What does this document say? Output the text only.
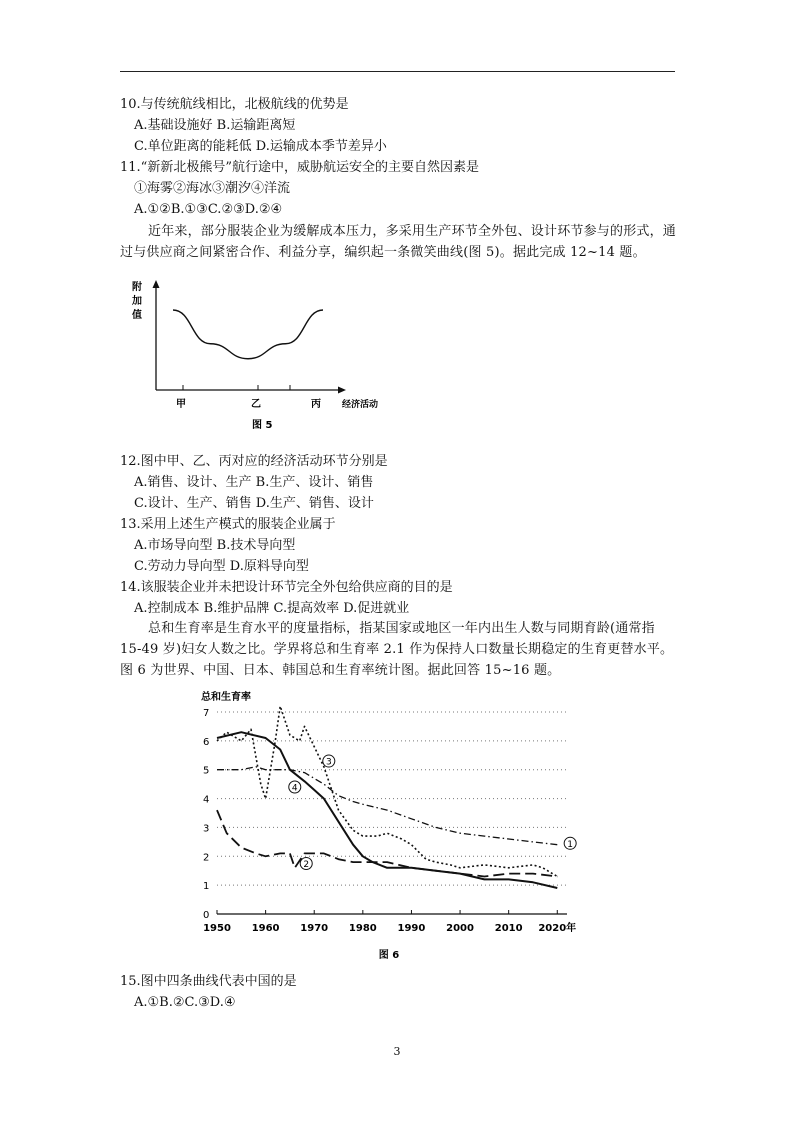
10.与传统航线相比，北极航线的优势是
A.基础设施好 B.运输距离短
C.单位距离的能耗低 D.运输成本季节差异小
11.“新新北极熊号”航行途中，威胁航运安全的主要自然因素是
①海雾②海冰③潮汐④洋流
A.①②B.①③C.②③D.②④
近年来，部分服装企业为缓解成本压力，多采用生产环节全外包、设计环节参与的形式，通过与供应商之间紧密合作、利益分享，编织起一条微笑曲线(图 5)。据此完成 12~14 题。
附
加
值
甲	乙	丙 经济活动
图 5
12.图中甲、乙、丙对应的经济活动环节分别是
A.销售、设计、生产 B.生产、设计、销售
C.设计、生产、销售 D.生产、销售、设计
13.采用上述生产模式的服装企业属于
A.市场导向型 B.技术导向型
C.劳动力导向型 D.原料导向型
14.该服装企业并未把设计环节完全外包给供应商的目的是
A.控制成本 B.维护品牌 C.提高效率 D.促进就业
总和生育率是生育水平的度量指标，指某国家或地区一年内出生人数与同期育龄(通常指 15-49 岁)妇女人数之比。学界将总和生育率 2.1 作为保持人口数量长期稳定的生育更替水平。图 6 为世界、中国、日本、韩国总和生育率统计图。据此回答 15~16 题。
总和生育率
0
1
2
3
4
5
6
7
1950 1960 1970 1980 1990 2000 2010 2020年
1
2
3
4
图 6
15.图中四条曲线代表中国的是
A.①B.②C.③D.④
3
